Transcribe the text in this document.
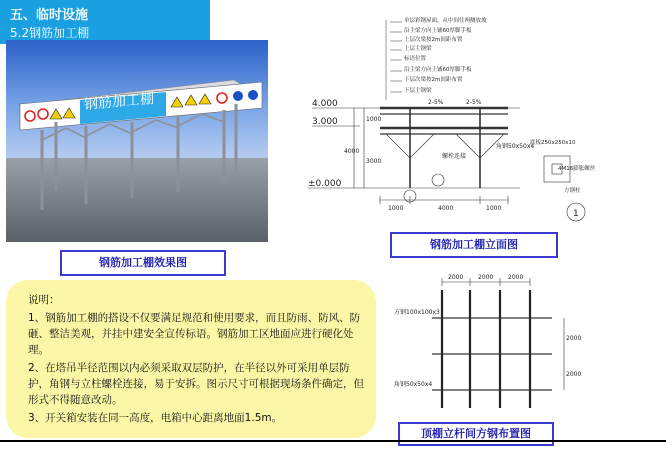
五、临时设施
5.2钢筋加工棚
钢筋加工棚
钢筋加工棚效果图
单层彩钢屋面，从中间往两侧放坡
沿主梁方向上铺60厚脚手板
上层次梁按2m间距布置
上层主钢梁
标语位置
沿主梁方向上铺60厚脚手板
下层次梁按2m间距布置
下层主钢梁
4.000
3.000
±0.000
2-5%	2-5%
角钢50x50x4
螺栓连接
1000	4000	1000
1000
3000
4000
底板250x250x10
4M16膨胀螺丝
方钢柱
1
钢筋加工棚立面图
2000 2000 2000
2000
2000
方钢100x100x3
角钢50x50x4
顶棚立杆间方钢布置图

说明：

1、钢筋加工棚的搭设不仅要满足规范和使用要求，而且防雨、防风、防砸、整洁美观，并挂中建安全宣传标语。钢筋加工区地面应进行硬化处理。

2、在塔吊半径范围以内必须采取双层防护，在半径以外可采用单层防护，角钢与立柱螺栓连接，易于安拆。图示尺寸可根据现场条件确定，但形式不得随意改动。

3、开关箱安装在同一高度，电箱中心距离地面1.5m。
